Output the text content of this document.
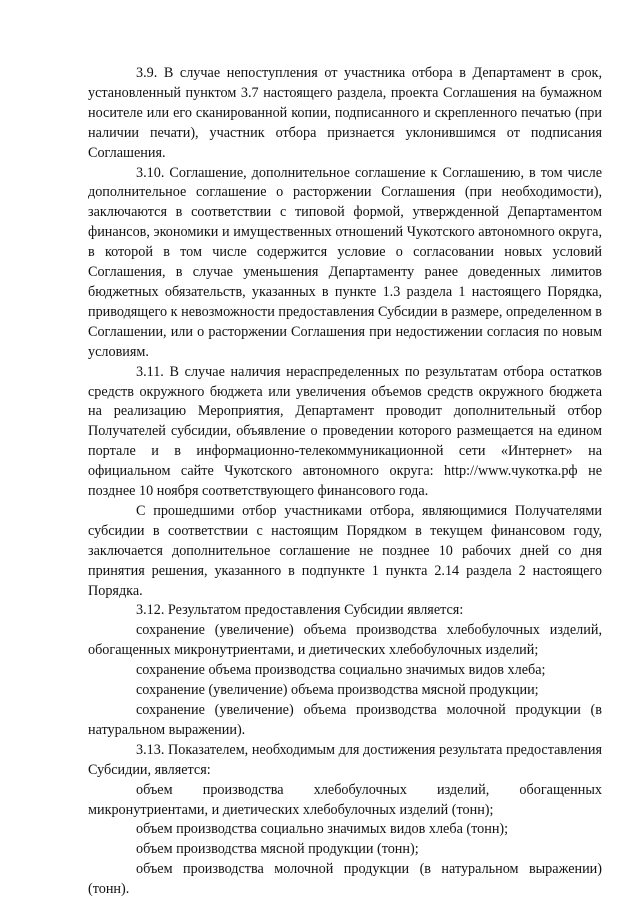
3.9. В случае непоступления от участника отбора в Департамент в срок, установленный пунктом 3.7 настоящего раздела, проекта Соглашения на бумажном носителе или его сканированной копии, подписанного и скрепленного печатью (при наличии печати), участник отбора признается уклонившимся от подписания Соглашения.

3.10. Соглашение, дополнительное соглашение к Соглашению, в том числе дополнительное соглашение о расторжении Соглашения (при необходимости), заключаются в соответствии с типовой формой, утвержденной Департаментом финансов, экономики и имущественных отношений Чукотского автономного округа, в которой в том числе содержится условие о согласовании новых условий Соглашения, в случае уменьшения Департаменту ранее доведенных лимитов бюджетных обязательств, указанных в пункте 1.3 раздела 1 настоящего Порядка, приводящего к невозможности предоставления Субсидии в размере, определенном в Соглашении, или о расторжении Соглашения при недостижении согласия по новым условиям.

3.11. В случае наличия нераспределенных по результатам отбора остатков средств окружного бюджета или увеличения объемов средств окружного бюджета на реализацию Мероприятия, Департамент проводит дополнительный отбор Получателей субсидии, объявление о проведении которого размещается на едином портале и в информационно-телекоммуникационной сети «Интернет» на официальном сайте Чукотского автономного округа: http://www.чукотка.рф не позднее 10 ноября соответствующего финансового года.

С прошедшими отбор участниками отбора, являющимися Получателями субсидии в соответствии с настоящим Порядком в текущем финансовом году, заключается дополнительное соглашение не позднее 10 рабочих дней со дня принятия решения, указанного в подпункте 1 пункта 2.14 раздела 2 настоящего Порядка.

3.12. Результатом предоставления Субсидии является:

сохранение (увеличение) объема производства хлебобулочных изделий, обогащенных микронутриентами, и диетических хлебобулочных изделий;

сохранение объема производства социально значимых видов хлеба;

сохранение (увеличение) объема производства мясной продукции;

сохранение (увеличение) объема производства молочной продукции (в натуральном выражении).

3.13. Показателем, необходимым для достижения результата предоставления Субсидии, является:

объем производства хлебобулочных изделий, обогащенных микронутриентами, и диетических хлебобулочных изделий (тонн);

объем производства социально значимых видов хлеба (тонн);

объем производства мясной продукции (тонн);

объем производства молочной продукции (в натуральном выражении) (тонн).
